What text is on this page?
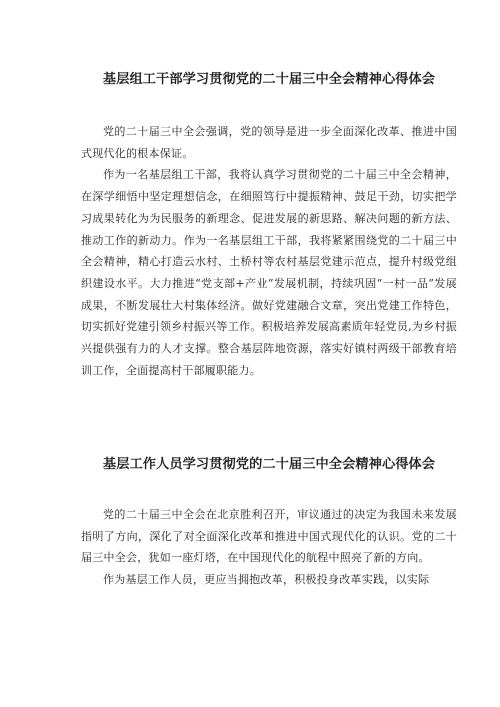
基层组工干部学习贯彻党的二十届三中全会精神心得体会

党的二十届三中全会强调，党的领导是进一步全面深化改革、推进中国式现代化的根本保证。

作为一名基层组工干部，我将认真学习贯彻党的二十届三中全会精神，在深学细悟中坚定理想信念，在细照笃行中提振精神、鼓足干劲，切实把学习成果转化为为民服务的新理念、促进发展的新思路、解决问题的新方法、推动工作的新动力。作为一名基层组工干部，我将紧紧围绕党的二十届三中全会精神，精心打造云水村、土桥村等农村基层党建示范点，提升村级党组织建设水平。大力推进“党支部+产业”发展机制，持续巩固“一村一品”发展成果，不断发展壮大村集体经济。做好党建融合文章，突出党建工作特色，切实抓好党建引领乡村振兴等工作。积极培养发展高素质年轻党员,为乡村振兴提供强有力的人才支撑。整合基层阵地资源，落实好镇村两级干部教育培训工作，全面提高村干部履职能力。

基层工作人员学习贯彻党的二十届三中全会精神心得体会

党的二十届三中全会在北京胜利召开，审议通过的决定为我国未来发展指明了方向，深化了对全面深化改革和推进中国式现代化的认识。党的二十届三中全会，犹如一座灯塔，在中国现代化的航程中照亮了新的方向。

作为基层工作人员，更应当拥抱改革，积极投身改革实践，以实际
